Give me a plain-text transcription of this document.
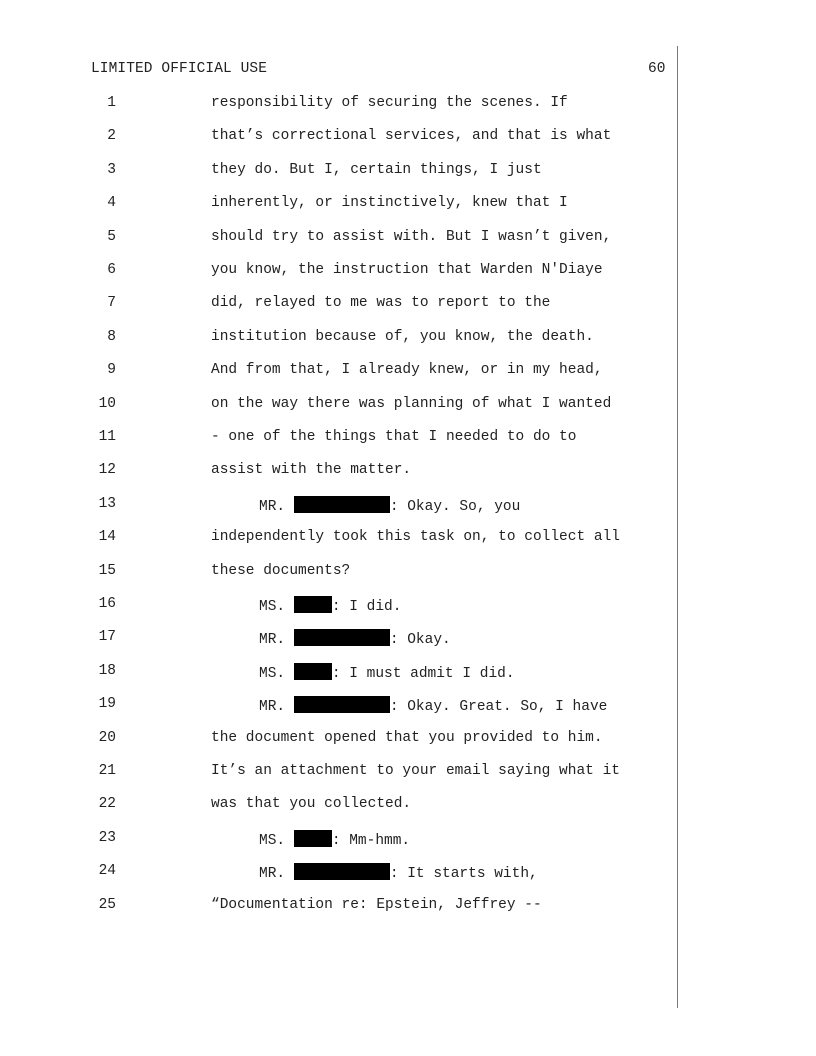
LIMITED OFFICIAL USE	60
1	responsibility of securing the scenes. If
2	that’s correctional services, and that is what
3	they do. But I, certain things, I just
4	inherently, or instinctively, knew that I
5	should try to assist with. But I wasn’t given,
6	you know, the instruction that Warden N'Diaye
7	did, relayed to me was to report to the
8	institution because of, you know, the death.
9	And from that, I already knew, or in my head,
10	on the way there was planning of what I wanted
11	- one of the things that I needed to do to
12	assist with the matter.
13	MR.	: Okay. So, you
14	independently took this task on, to collect all
15	these documents?
16	MS.	: I did.
17	MR.	: Okay.
18	MS.	: I must admit I did.
19	MR.	: Okay. Great. So, I have
20	the document opened that you provided to him.
21	It’s an attachment to your email saying what it
22	was that you collected.
23	MS.	: Mm-hmm.
24	MR.	: It starts with,
25	“Documentation re: Epstein, Jeffrey --
